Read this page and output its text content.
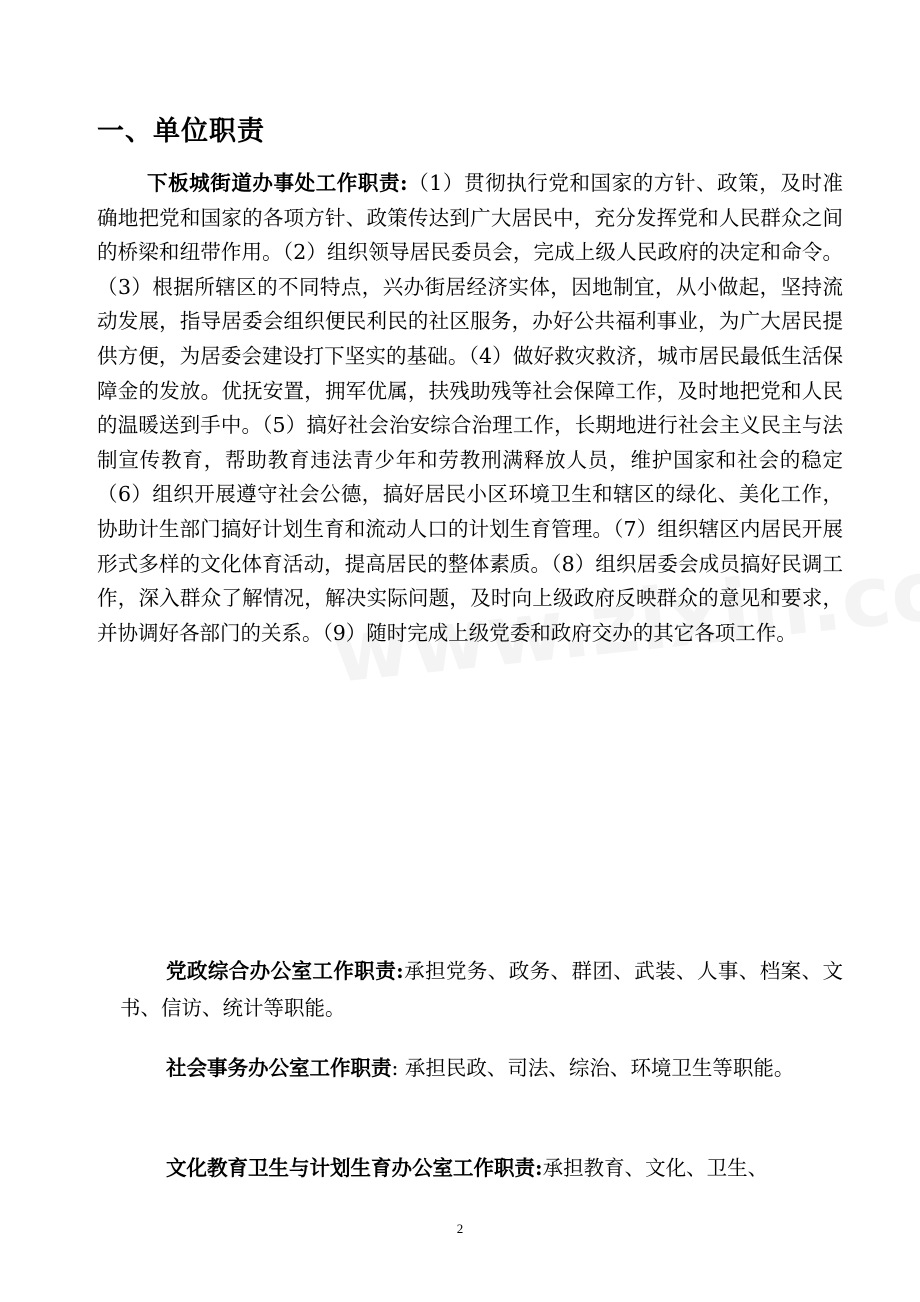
一、单位职责

下板城街道办事处工作职责:（1）贯彻执行党和国家的方针、政策，及时准确地把党和国家的各项方针、政策传达到广大居民中，充分发挥党和人民群众之间的桥梁和纽带作用。（2）组织领导居民委员会，完成上级人民政府的决定和命令。（3）根据所辖区的不同特点，兴办街居经济实体，因地制宜，从小做起，坚持流动发展，指导居委会组织便民利民的社区服务，办好公共福利事业，为广大居民提供方便，为居委会建设打下坚实的基础。（4）做好救灾救济，城市居民最低生活保障金的发放。优抚安置，拥军优属，扶残助残等社会保障工作，及时地把党和人民的温暖送到手中。（5）搞好社会治安综合治理工作，长期地进行社会主义民主与法制宣传教育，帮助教育违法青少年和劳教刑满释放人员，维护国家和社会的稳定（6）组织开展遵守社会公德，搞好居民小区环境卫生和辖区的绿化、美化工作，协助计生部门搞好计划生育和流动人口的计划生育管理。（7）组织辖区内居民开展形式多样的文化体育活动，提高居民的整体素质。（8）组织居委会成员搞好民调工作，深入群众了解情况，解决实际问题，及时向上级政府反映群众的意见和要求，并协调好各部门的关系。（9）随时完成上级党委和政府交办的其它各项工作。

党政综合办公室工作职责:承担党务、政务、群团、武装、人事、档案、文书、信访、统计等职能。

社会事务办公室工作职责: 承担民政、司法、综治、环境卫生等职能。

文化教育卫生与计划生育办公室工作职责:承担教育、文化、卫生、

2
